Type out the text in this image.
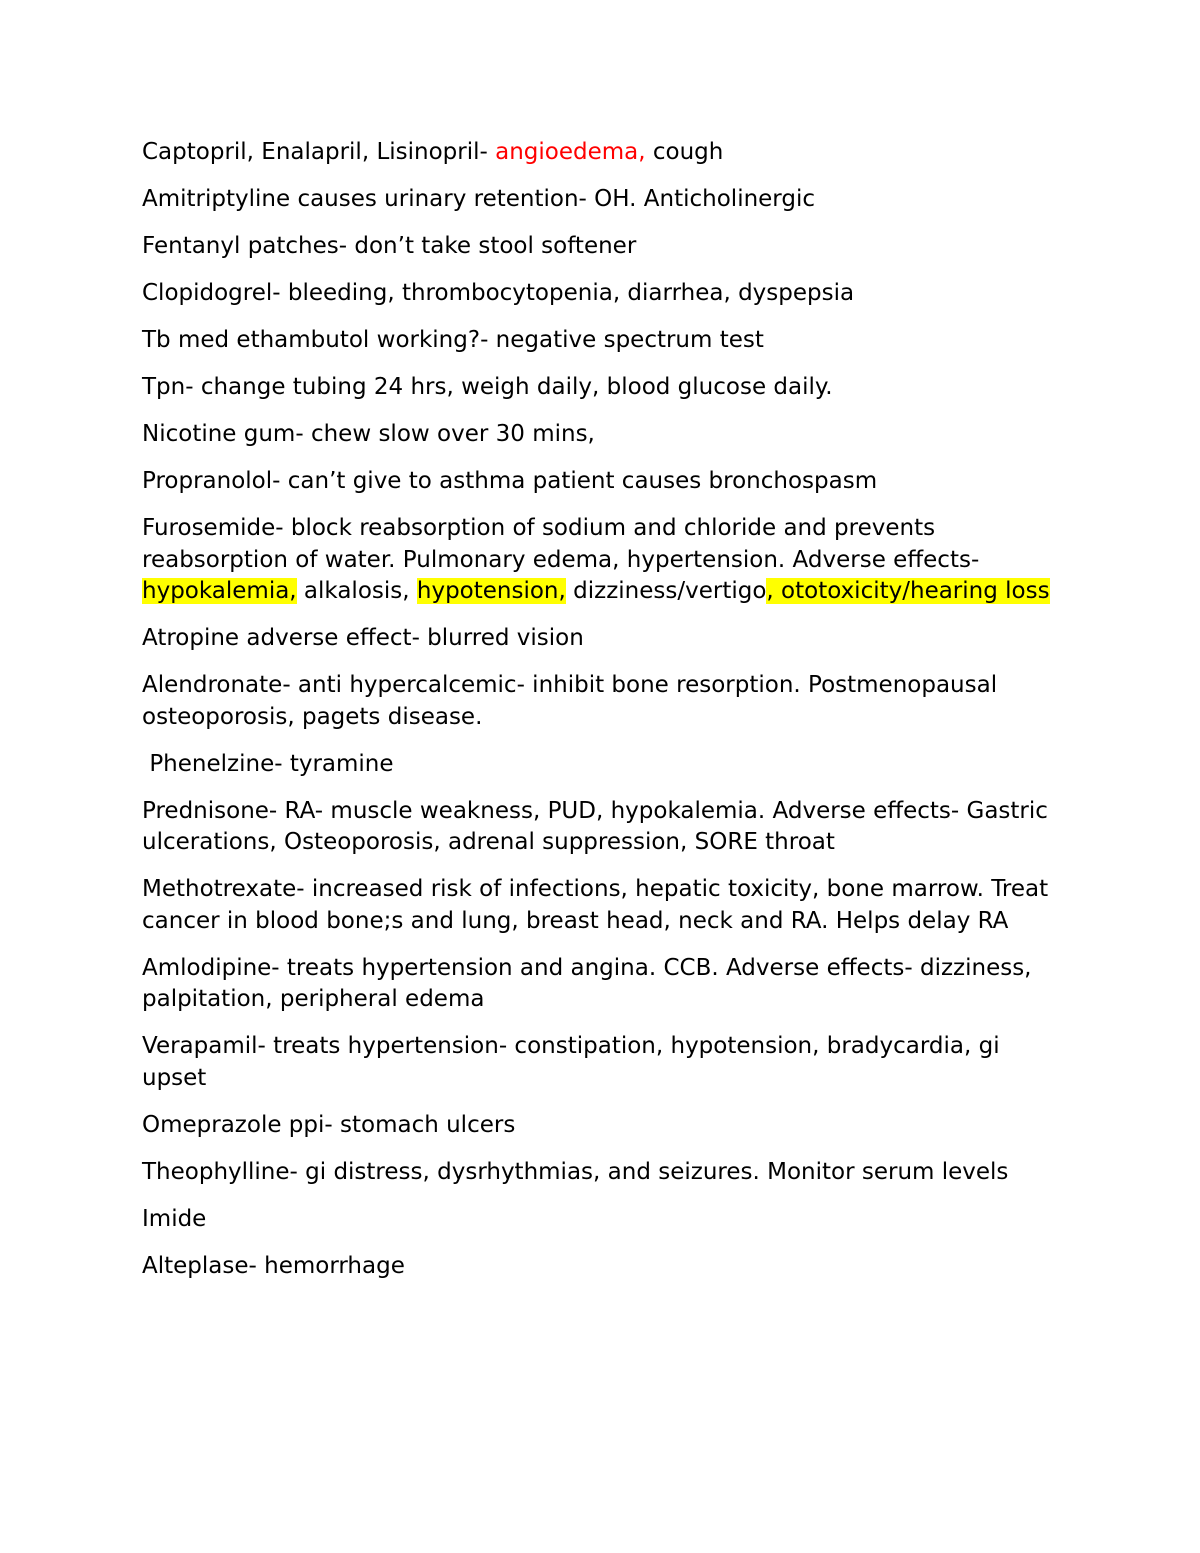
Captopril, Enalapril, Lisinopril- angioedema, cough

Amitriptyline causes urinary retention- OH. Anticholinergic

Fentanyl patches- don’t take stool softener

Clopidogrel- bleeding, thrombocytopenia, diarrhea, dyspepsia

Tb med ethambutol working?- negative spectrum test

Tpn- change tubing 24 hrs, weigh daily, blood glucose daily.

Nicotine gum- chew slow over 30 mins,

Propranolol- can’t give to asthma patient causes bronchospasm

Furosemide- block reabsorption of sodium and chloride and prevents reabsorption of water. Pulmonary edema, hypertension. Adverse effects-
hypokalemia, alkalosis, hypotension, dizziness/vertigo, ototoxicity/hearing loss

Atropine adverse effect- blurred vision

Alendronate- anti hypercalcemic- inhibit bone resorption. Postmenopausal osteoporosis, pagets disease.

Phenelzine- tyramine

Prednisone- RA- muscle weakness, PUD, hypokalemia. Adverse effects- Gastric ulcerations, Osteoporosis, adrenal suppression, SORE throat

Methotrexate- increased risk of infections, hepatic toxicity, bone marrow. Treat cancer in blood bone;s and lung, breast head, neck and RA. Helps delay RA

Amlodipine- treats hypertension and angina. CCB. Adverse effects- dizziness, palpitation, peripheral edema

Verapamil- treats hypertension- constipation, hypotension, bradycardia, gi upset

Omeprazole ppi- stomach ulcers

Theophylline- gi distress, dysrhythmias, and seizures. Monitor serum levels

Imide

Alteplase- hemorrhage
